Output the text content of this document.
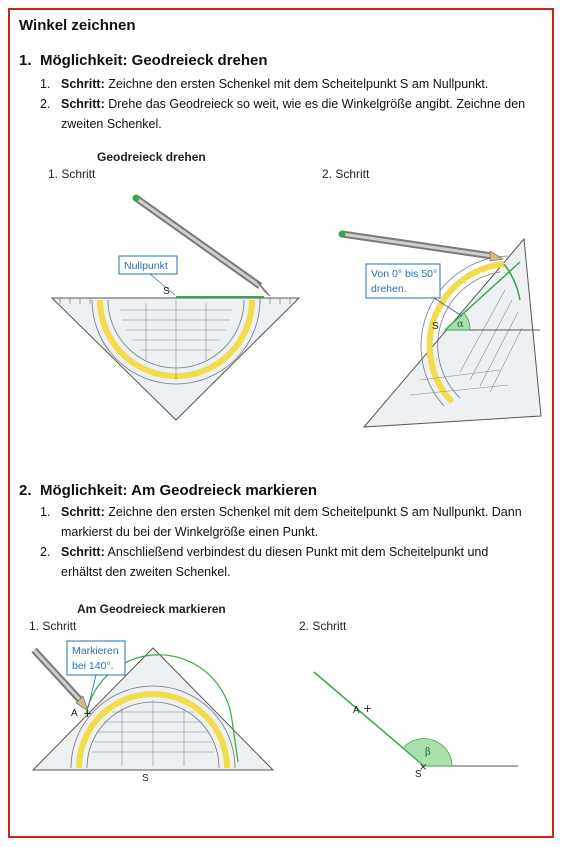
Winkel zeichnen
1. Möglichkeit: Geodreieck drehen
1. Schritt: Zeichne den ersten Schenkel mit dem Scheitelpunkt S am Nullpunkt.
2. Schritt: Drehe das Geodreieck so weit, wie es die Winkelgröße angibt. Zeichne den
zweiten Schenkel.
Geodreieck drehen
1. Schritt	2. Schritt
Nullpunkt
S
α
S
Von 0° bis 50°
drehen.
2. Möglichkeit: Am Geodreieck markieren
1. Schritt: Zeichne den ersten Schenkel mit dem Scheitelpunkt S am Nullpunkt. Dann
markierst du bei der Winkelgröße einen Punkt.
2. Schritt: Anschließend verbindest du diesen Punkt mit dem Scheitelpunkt und
erhältst den zweiten Schenkel.
Am Geodreieck markieren
1. Schritt	2. Schritt
A +
S
Markieren
bei 140°.
β
A +
S
×
